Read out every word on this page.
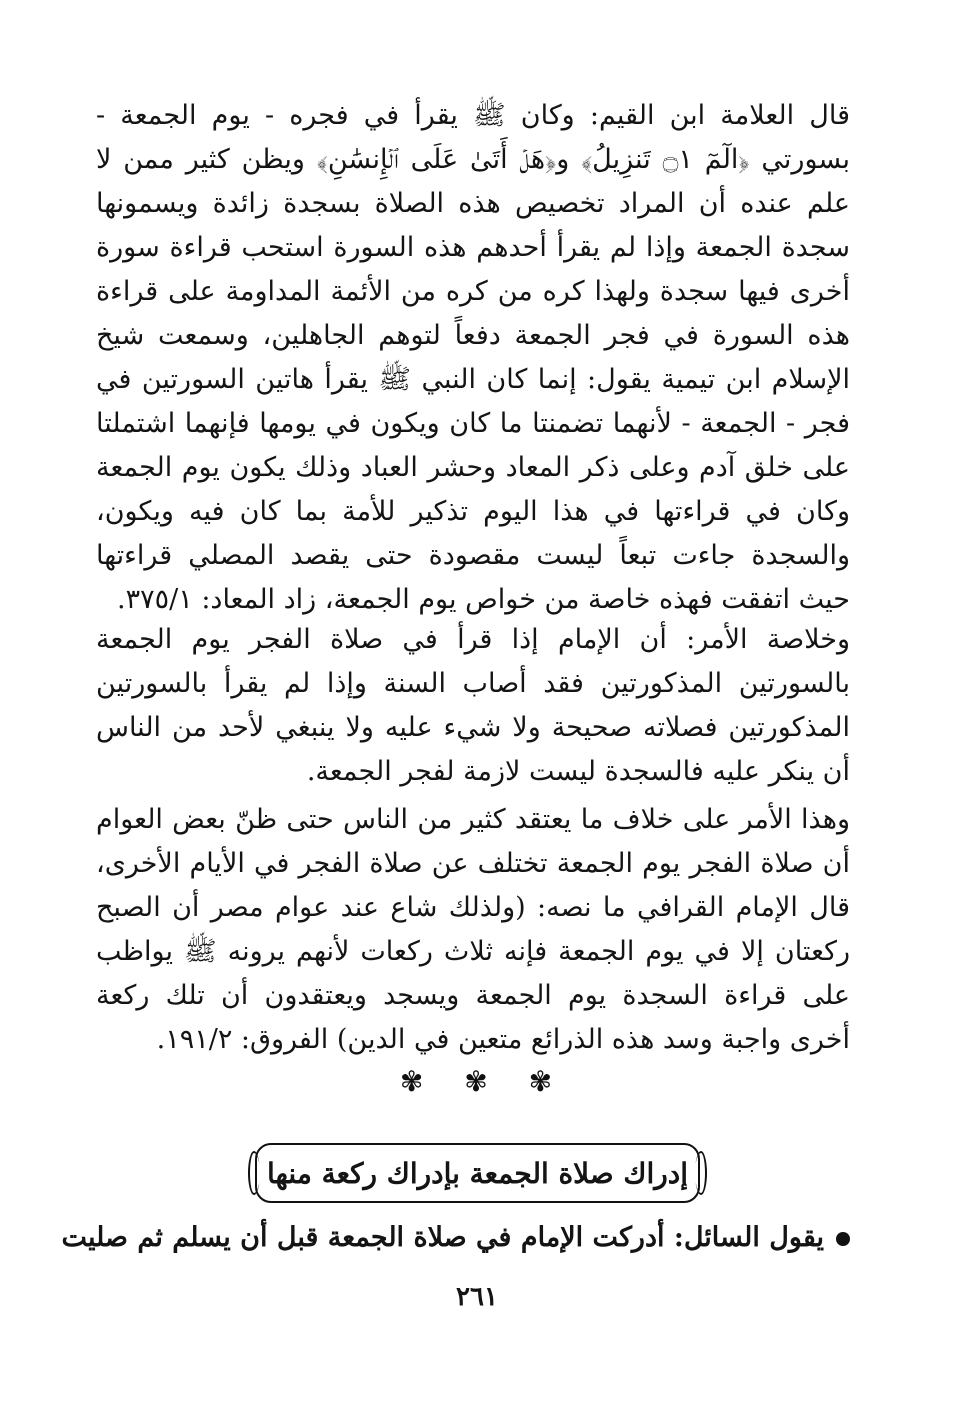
قال العلامة ابن القيم: وكان ﷺ يقرأ في فجره - يوم الجمعة - بسورتي ﴿الٓمٓ ۝١ تَنزِيلُ﴾ و﴿هَلۡ أَتَىٰ عَلَى ٱلۡإِنسَٰنِ﴾ ويظن كثير ممن لا علم عنده أن المراد تخصيص هذه الصلاة بسجدة زائدة ويسمونها سجدة الجمعة وإذا لم يقرأ أحدهم هذه السورة استحب قراءة سورة أخرى فيها سجدة ولهذا كره من كره من الأئمة المداومة على قراءة هذه السورة في فجر الجمعة دفعاً لتوهم الجاهلين، وسمعت شيخ الإسلام ابن تيمية يقول: إنما كان النبي ﷺ يقرأ هاتين السورتين في فجر - الجمعة - لأنهما تضمنتا ما كان ويكون في يومها فإنهما اشتملتا على خلق آدم وعلى ذكر المعاد وحشر العباد وذلك يكون يوم الجمعة وكان في قراءتها في هذا اليوم تذكير للأمة بما كان فيه ويكون، والسجدة جاءت تبعاً ليست مقصودة حتى يقصد المصلي قراءتها حيث اتفقت فهذه خاصة من خواص يوم الجمعة، زاد المعاد: ٣٧٥/١.

وخلاصة الأمر: أن الإمام إذا قرأ في صلاة الفجر يوم الجمعة بالسورتين المذكورتين فقد أصاب السنة وإذا لم يقرأ بالسورتين المذكورتين فصلاته صحيحة ولا شيء عليه ولا ينبغي لأحد من الناس أن ينكر عليه فالسجدة ليست لازمة لفجر الجمعة.

وهذا الأمر على خلاف ما يعتقد كثير من الناس حتى ظنّ بعض العوام أن صلاة الفجر يوم الجمعة تختلف عن صلاة الفجر في الأيام الأخرى، قال الإمام القرافي ما نصه: (ولذلك شاع عند عوام مصر أن الصبح ركعتان إلا في يوم الجمعة فإنه ثلاث ركعات لأنهم يرونه ﷺ يواظب على قراءة السجدة يوم الجمعة ويسجد ويعتقدون أن تلك ركعة أخرى واجبة وسد هذه الذرائع متعين في الدين) الفروق: ١٩١/٢.

✾ ✾ ✾
إدراك صلاة الجمعة بإدراك ركعة منها
يقول السائل: أدركت الإمام في صلاة الجمعة قبل أن يسلم ثم صليت
٢٦١
